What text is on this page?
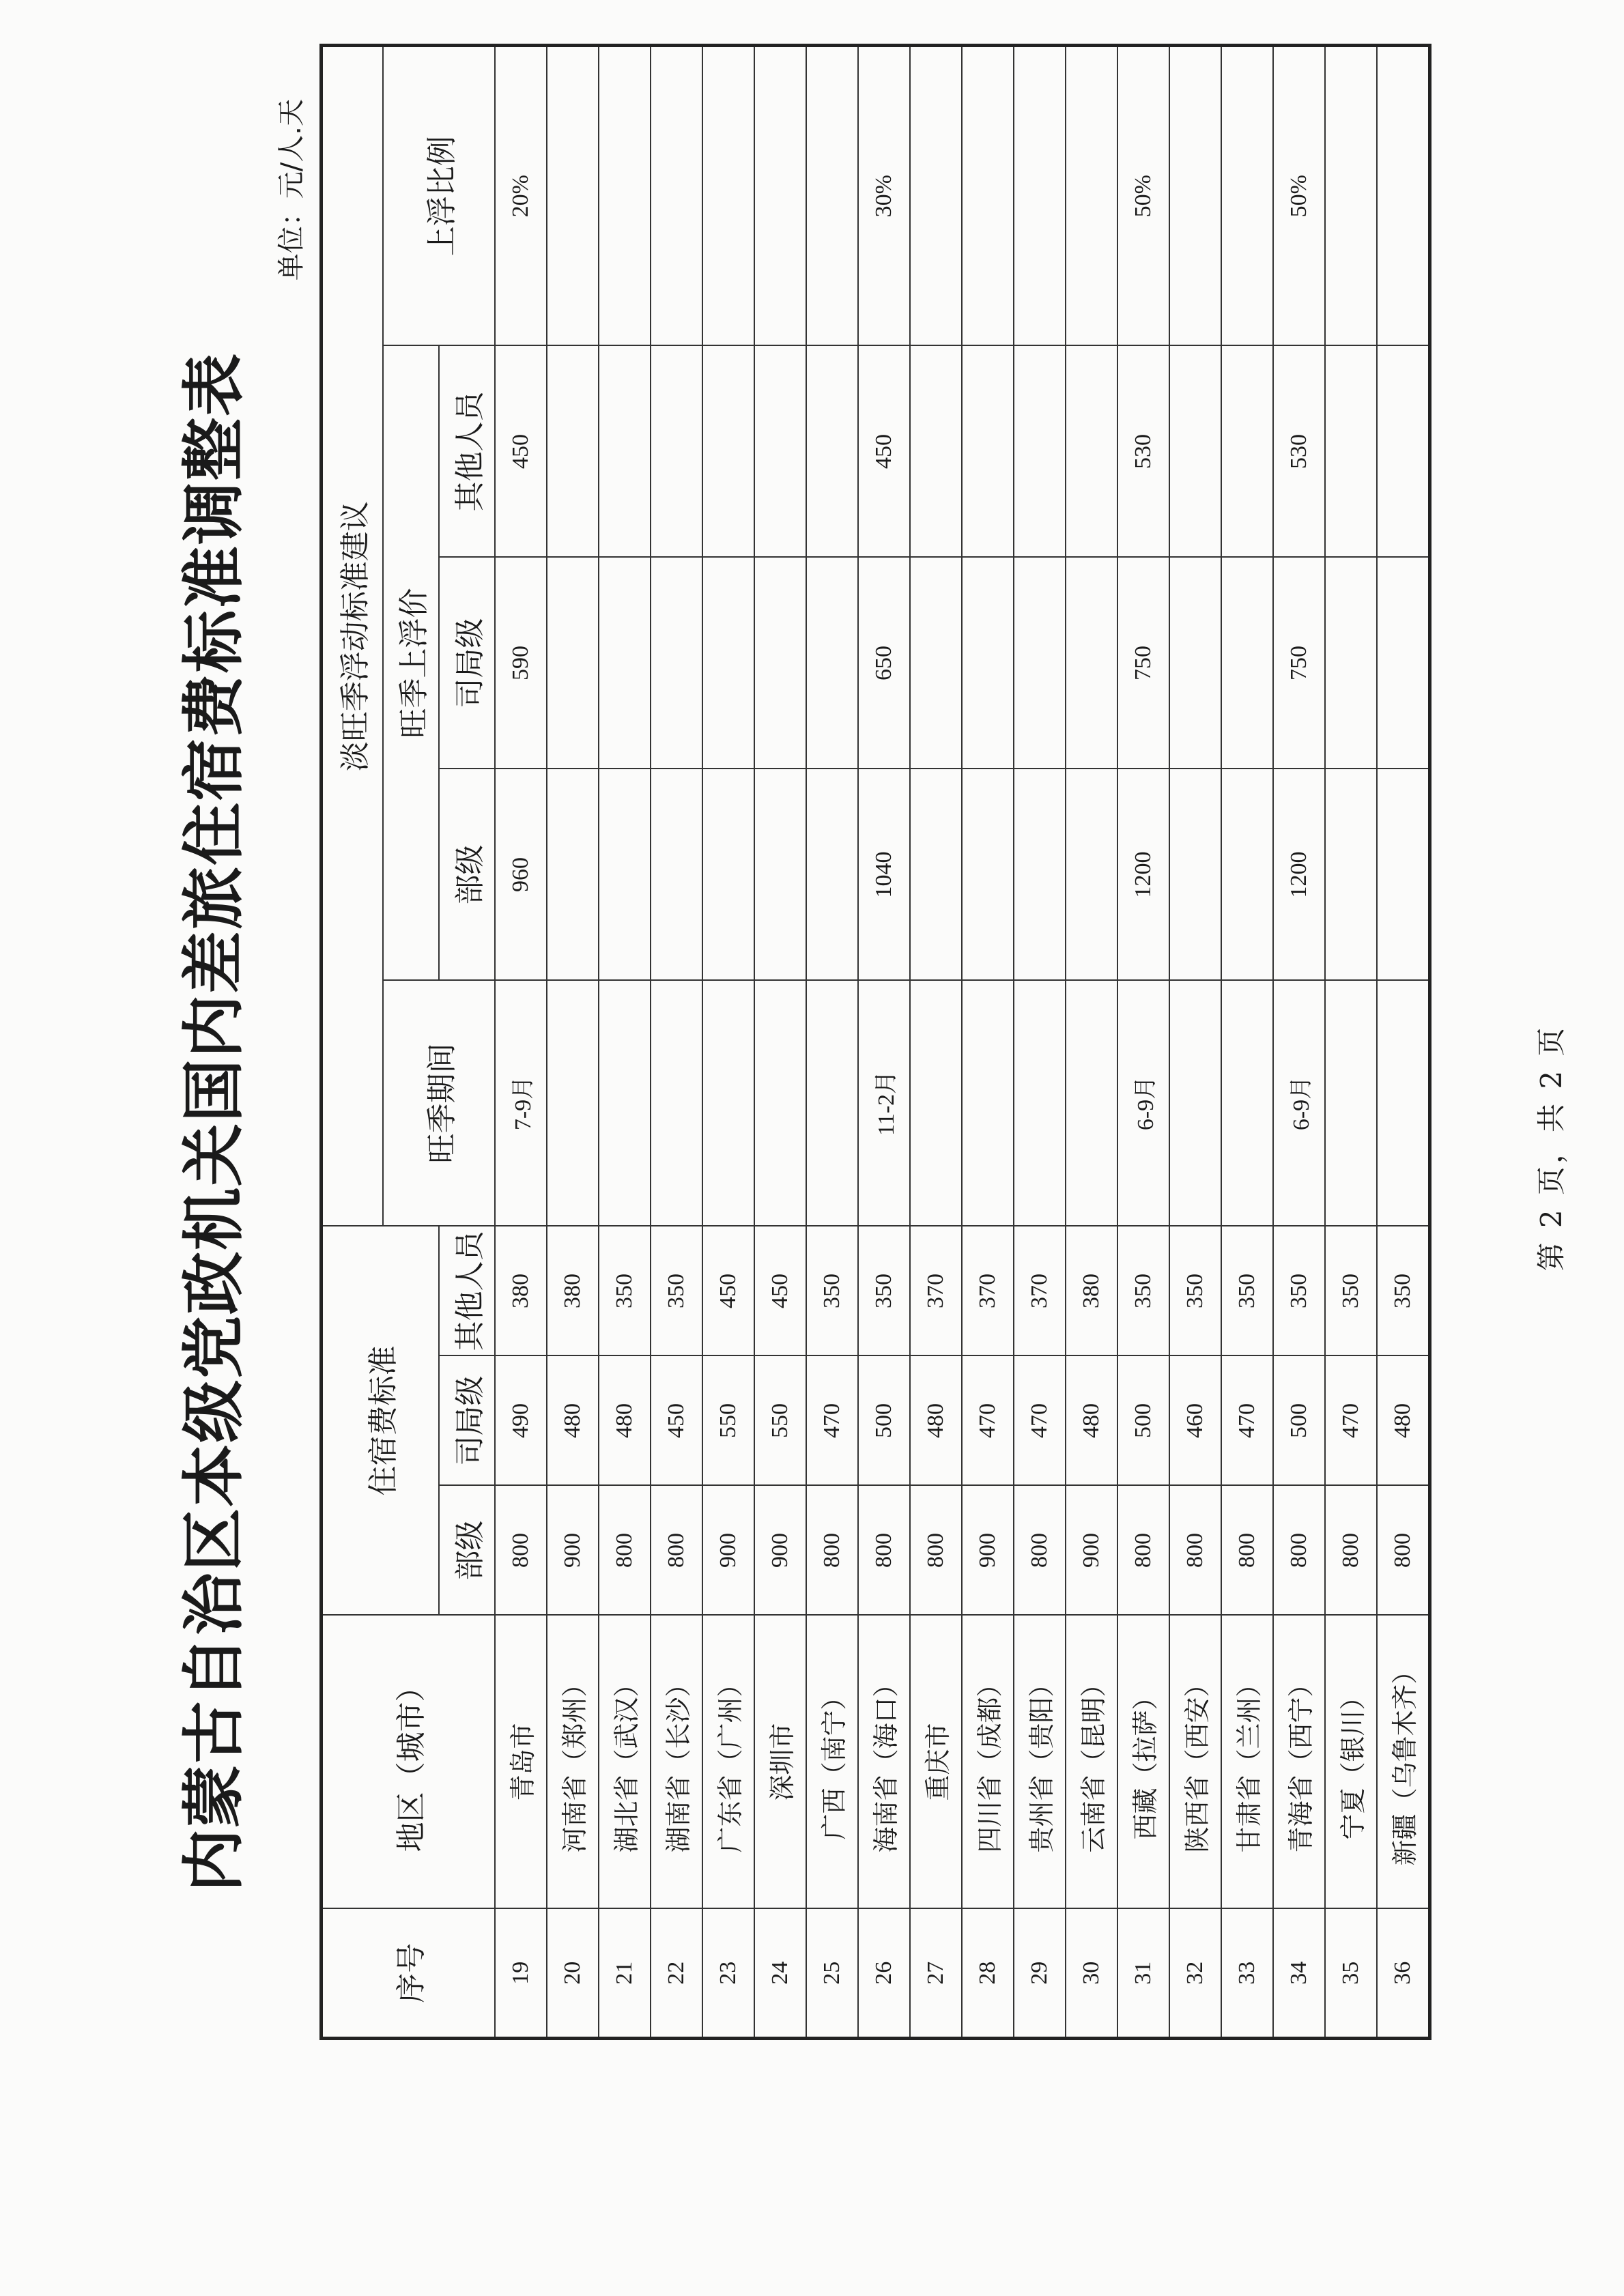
内蒙古自治区本级党政机关国内差旅住宿费标准调整表
单位：元/人.天
序号	地区（城市）	住宿费标准			淡旺季浮动标准建议				
					旺季期间	旺季上浮价			上浮比例
		部级	司局级	其他人员		部级	司局级	其他人员	
19	青岛市	800	490	380	7-9月	960	590	450	20%
20	河南省（郑州）	900	480	380					
21	湖北省（武汉）	800	480	350					
22	湖南省（长沙）	800	450	350					
23	广东省（广州）	900	550	450					
24	深圳市	900	550	450					
25	广西（南宁）	800	470	350					
26	海南省（海口）	800	500	350	11-2月	1040	650	450	30%
27	重庆市	800	480	370					
28	四川省（成都）	900	470	370					
29	贵州省（贵阳）	800	470	370					
30	云南省（昆明）	900	480	380					
31	西藏（拉萨）	800	500	350	6-9月	1200	750	530	50%
32	陕西省（西安）	800	460	350					
33	甘肃省（兰州）	800	470	350					
34	青海省（西宁）	800	500	350	6-9月	1200	750	530	50%
35	宁夏（银川）	800	470	350					
36	新疆（乌鲁木齐）	800	480	350					
第 2 页，共 2 页
